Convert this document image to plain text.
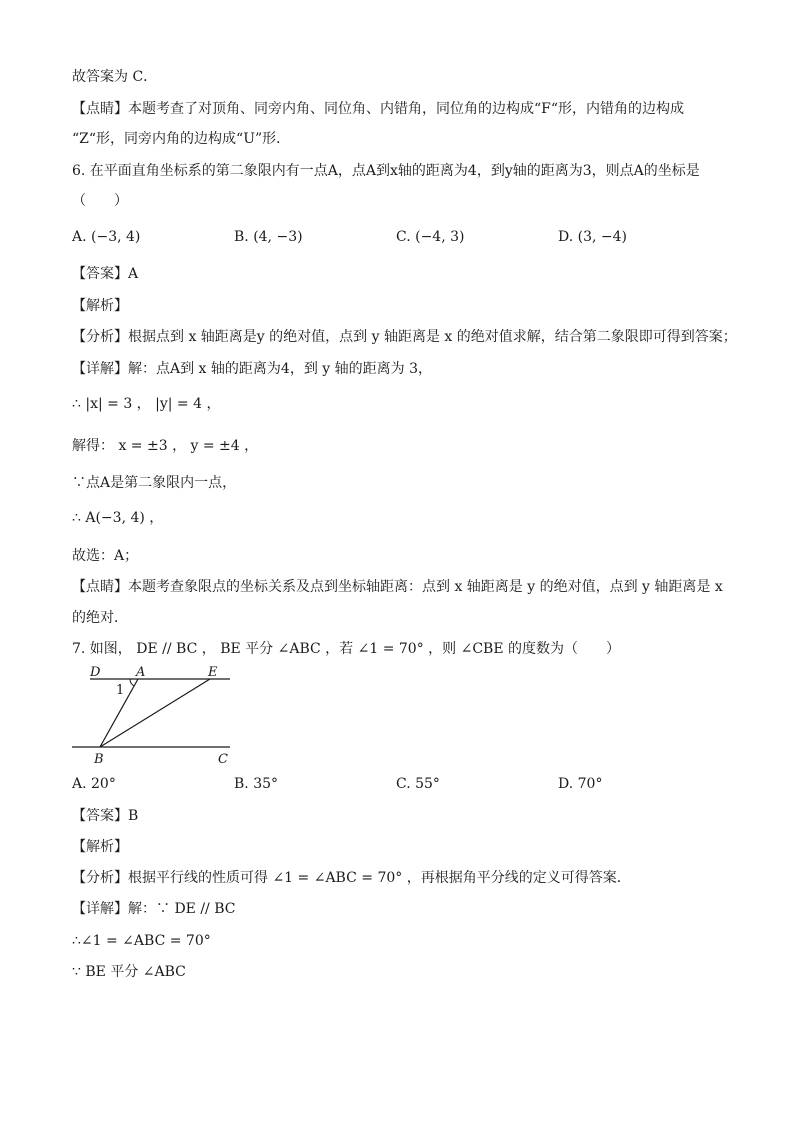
故答案为 C．
【点睛】本题考查了对顶角、同旁内角、同位角、内错角，同位角的边构成“F“形，内错角的边构成
“Z“形，同旁内角的边构成“U”形．
6. 在平面直角坐标系的第二象限内有一点A，点A到x轴的距离为4，到y轴的距离为3，则点A的坐标是
（　　）
A. (−3, 4)	B. (4, −3)	C. (−4, 3)	D. (3, −4)
【答案】A
【解析】
【分析】根据点到 x 轴距离是y 的绝对值，点到 y 轴距离是 x 的绝对值求解，结合第二象限即可得到答案；
【详解】解：点A到 x 轴的距离为4，到 y 轴的距离为 3，
∴ |x| = 3 ， |y| = 4 ，
解得： x = ±3 ， y = ±4 ，
∵点A是第二象限内一点，
∴ A(−3, 4) ，
故选：A；
【点睛】本题考查象限点的坐标关系及点到坐标轴距离：点到 x 轴距离是 y 的绝对值，点到 y 轴距离是 x
的绝对．
7. 如图， DE // BC ， BE 平分 ∠ABC ，若 ∠1 = 70° ，则 ∠CBE 的度数为（　　）
D	A	E
1
B	C
A. 20°	B. 35°	C. 55°	D. 70°
【答案】B
【解析】
【分析】根据平行线的性质可得 ∠1 = ∠ABC = 70° ，再根据角平分线的定义可得答案．
【详解】解：∵ DE // BC
∴∠1 = ∠ABC = 70°
∵ BE 平分 ∠ABC
